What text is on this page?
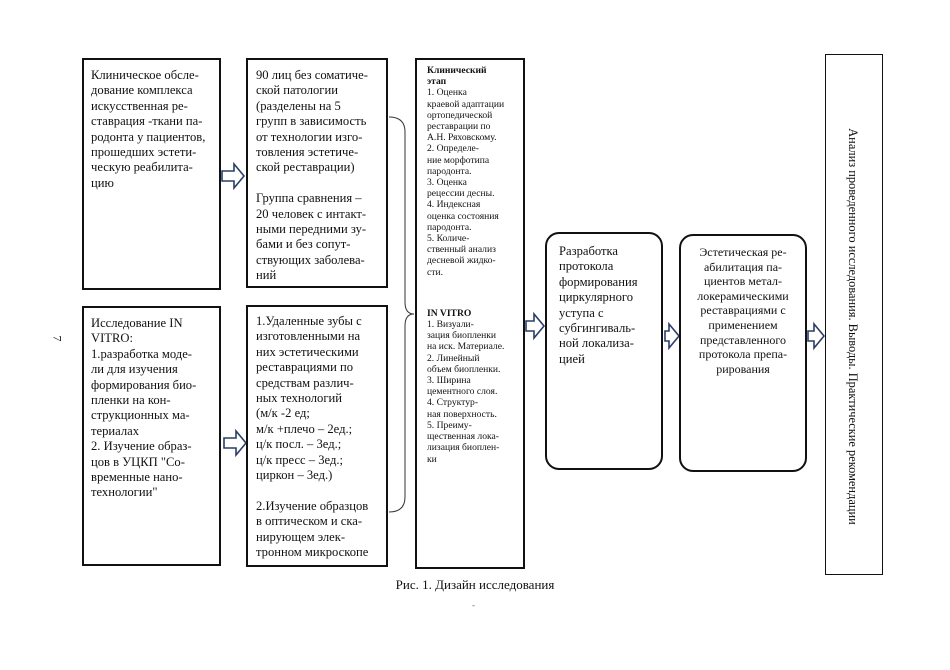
Клиническое обсле-
дование комплекса
искусственная ре-
ставрация -ткани па-
родонта у пациентов,
прошедших эстети-
ческую реабилита-
цию
Исследование IN
VITRO:
1.разработка моде-
ли для изучения
формирования био-
пленки на кон-
струкционных ма-
териалах
2. Изучение образ-
цов в УЦКП "Со-
временные нано-
технологии"
90 лиц без соматиче-
ской патологии
(разделены на 5
групп в зависимость
от технологии изго-
товления эстетиче-
ской реставрации)

Группа сравнения –
20 человек с интакт-
ными передними зу-
бами и без сопут-
ствующих заболева-
ний
1.Удаленные зубы с
изготовленными на
них эстетическими
реставрациями по
средствам различ-
ных технологий
(м/к -2 ед;
м/к +плечо – 2ед.;
ц/к посл. – 3ед.;
ц/к пресс – 3ед.;
циркон – 3ед.)

2.Изучение образцов
в оптическом и ска-
нирующем элек-
тронном микроскопе
Клинический
этап
1. Оценка
краевой адаптации
ортопедической
реставрации по
А.Н. Ряховскому.
2. Определе-
ние морфотипа
пародонта.
3. Оценка
рецессии десны.
4. Индексная
оценка состояния
пародонта.
5. Количе-
ственный анализ
десневой жидко-
сти.
IN VITRO
1. Визуали-
зация биопленки
на иск. Материале.
2. Линейный
объем биопленки.
3. Ширина
цементного слоя.
4. Структур-
ная поверхность.
5. Преиму-
щественная лока-
лизация биоплен-
ки
Разработка
протокола
формирования
циркулярного
уступа с
субгингиваль-
ной локализа-
цией
Эстетическая ре-
абилитация па-
циентов метал-
локерамическими
реставрациями с
применением
представленного
протокола препа-
рирования	Анализ проведенного исследования. Выводы. Практические рекомендации
Рис. 1. Дизайн исследования
7
-
